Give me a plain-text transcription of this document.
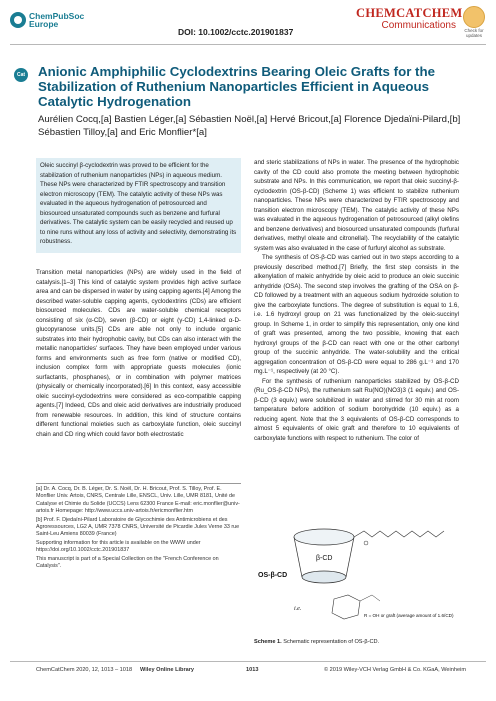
ChemPubSoc
Europe
DOI: 10.1002/cctc.201901837
CHEMCATCHEM
Communications	Check for
updates
Cat Anionic Amphiphilic Cyclodextrins Bearing Oleic Grafts for the Stabilization of Ruthenium Nanoparticles Efficient in Aqueous Catalytic Hydrogenation
Aurélien Cocq,[a] Bastien Léger,[a] Sébastien Noël,[a] Hervé Bricout,[a] Florence Djedaïni-Pilard,[b] Sébastien Tilloy,[a] and Eric Monflier*[a]
Oleic succinyl β-cyclodextrin was proved to be efficient for the stabilization of ruthenium nanoparticles (NPs) in aqueous medium. These NPs were characterized by FTIR spectroscopy and transition electron microscopy (TEM). The catalytic activity of these NPs was evaluated in the aqueous hydrogenation of petrosourced and biosourced unsaturated compounds such as benzene and furfural derivatives. The catalytic system can be easily recycled and reused up to nine runs without any loss of activity and selectivity, demonstrating its robustness.
Transition metal nanoparticles (NPs) are widely used in the field of catalysis.[1–3] This kind of catalytic system provides high active surface area and can be dispersed in water by using capping agents.[4] Among the described water-soluble capping agents, cyclodextrins (CDs) are efficient biosourced molecules. CDs are water-soluble chemical receptors consisting of six (α-CD), seven (β-CD) or eight (γ-CD) 1,4-linked α-D-glucopyranose units.[5] CDs are able not only to include organic substrates into their hydrophobic cavity, but CDs can also interact with the metallic nanoparticles' surfaces. They have been employed under various forms and environments such as free form (native or modified CD), inclusion complex form with appropriate guests molecules (ionic surfactants, phosphanes), or in combination with polymer matrices (physically or chemically incorporated).[6] In this context, easy accessible oleic succinyl-cyclodextrins were considered as eco-compatible capping agents.[7] Indeed, CDs and oleic acid derivatives are industrially produced from renewable resources. In addition, this kind of structure contains different functional moieties such as carboxylate function, oleic succinyl chain and CD ring which could favor both electrostatic

[a] Dr. A. Cocq, Dr. B. Léger, Dr. S. Noël, Dr. H. Bricout, Prof. S. Tilloy, Prof. E. Monflier Univ. Artois, CNRS, Centrale Lille, ENSCL, Univ. Lille, UMR 8181, Unité de Catalyse et Chimie du Solide (UCCS) Lens 62300 France E-mail: eric.monflier@univ-artois.fr Homepage: http://www.uccs.univ-artois.fr/ericmonflier.htm

[b] Prof. F. Djedaïni-Pilard Laboratoire de Glycochimie des Antimicrobiens et des Agroressources, LG2 A, UMR 7378 CNRS, Université de Picardie Jules Verne 33 rue Saint-Leu Amiens 80039 (France)

Supporting information for this article is available on the WWW under https://doi.org/10.1002/cctc.201901837

This manuscript is part of a Special Collection on the "French Conference on Catalysis".

and steric stabilizations of NPs in water. The presence of the hydrophobic cavity of the CD could also promote the meeting between hydrophobic substrate and NPs. In this communication, we report that oleic succinyl-β-cyclodextrin (OS-β-CD) (Scheme 1) was efficient to stabilize ruthenium nanoparticles. These NPs were characterized by FTIR spectroscopy and transition electron microscopy (TEM). The catalytic activity of these NPs was evaluated in the aqueous hydrogenation of petrosourced (alkyl olefins and benzene derivatives) and biosourced unsaturated compounds (furfural derivatives, methyl oleate and citronellal). The recyclability of the catalytic system was also evaluated in the case of furfuryl alcohol as substrate.
The synthesis of OS-β-CD was carried out in two steps according to a previously described method.[7] Briefly, the first step consists in the alkenylation of maleic anhydride by oleic acid to produce an oleic succinic anhydride (OSA). The second step involves the grafting of the OSA on β-CD followed by a treatment with an aqueous sodium hydroxide solution to give the carboxylate functions. The degree of substitution is equal to 1.6, i.e. 1.6 hydroxyl group on 21 was functionalized by the oleic-succinyl group. In Scheme 1, in order to simplify this representation, only one kind of graft was presented, among the two possible, knowing that each hydroxyl groups of the β-CD can react with one or the other carbonyl group of the succinic anhydride. The water-solubility and the critical aggregation concentration of OS-β-CD were equal to 286 g.L⁻¹ and 170 mg.L⁻¹, respectively (at 20 °C).
For the synthesis of ruthenium nanoparticles stabilized by OS-β-CD (Ru_OS-β-CD NPs), the ruthenium salt Ru(NO)(NO3)3 (1 equiv.) and OS-β-CD (3 equiv.) were solubilized in water and stirred for 30 min at room temperature before addition of sodium borohydride (10 equiv.) as a reducing agent. Note that the 3 equivalents of OS-β-CD corresponds to almost 5 equivalents of oleic graft and therefore to 10 equivalents of carboxylate functions with respect to ruthenium. The color of
β-CD
OS-β-CD
i.e.
R = OH or graft (average amount of 1.6/CD)
Scheme 1. Schematic representation of OS-β-CD.
ChemCatChem 2020, 12, 1013 – 1018 Wiley Online Library	1013	© 2019 Wiley-VCH Verlag GmbH & Co. KGaA, Weinheim
